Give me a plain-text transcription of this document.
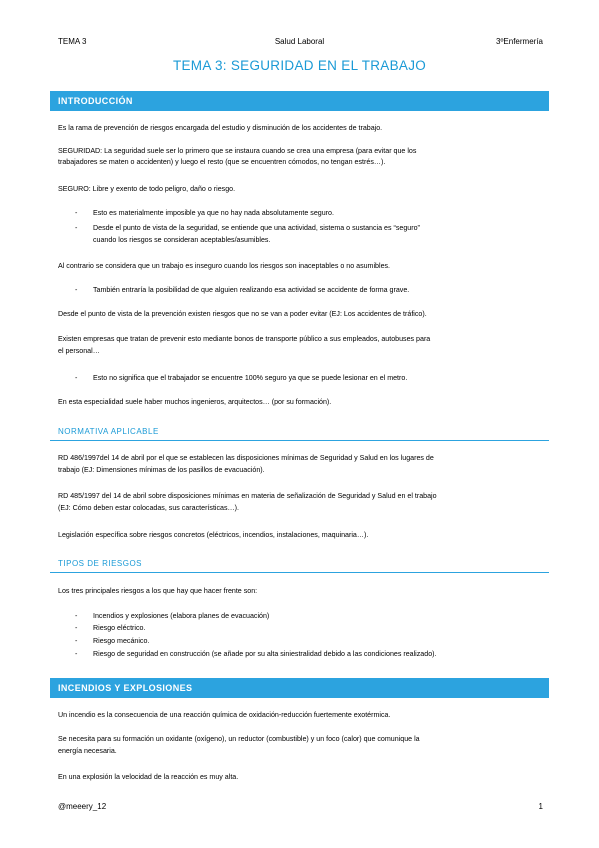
TEMA 3	Salud Laboral	3ºEnfermería
TEMA 3: SEGURIDAD EN EL TRABAJO
INTRODUCCIÓN
Es la rama de prevención de riesgos encargada del estudio y disminución de los accidentes de trabajo.
SEGURIDAD: La seguridad suele ser lo primero que se instaura cuando se crea una empresa (para evitar que los
trabajadores se maten o accidenten) y luego el resto (que se encuentren cómodos, no tengan estrés…).
SEGURO: Libre y exento de todo peligro, daño o riesgo.
- Esto es materialmente imposible ya que no hay nada absolutamente seguro.
- Desde el punto de vista de la seguridad, se entiende que una actividad, sistema o sustancia es “seguro”
cuando los riesgos se consideran aceptables/asumibles.
Al contrario se considera que un trabajo es inseguro cuando los riesgos son inaceptables o no asumibles.
- También entraría la posibilidad de que alguien realizando esa actividad se accidente de forma grave.
Desde el punto de vista de la prevención existen riesgos que no se van a poder evitar (EJ: Los accidentes de tráfico).
Existen empresas que tratan de prevenir esto mediante bonos de transporte público a sus empleados, autobuses para
el personal…
- Esto no significa que el trabajador se encuentre 100% seguro ya que se puede lesionar en el metro.
En esta especialidad suele haber muchos ingenieros, arquitectos… (por su formación).
NORMATIVA APLICABLE
RD 486/1997del 14 de abril por el que se establecen las disposiciones mínimas de Seguridad y Salud en los lugares de
trabajo (EJ: Dimensiones mínimas de los pasillos de evacuación).
RD 485/1997 del 14 de abril sobre disposiciones mínimas en materia de señalización de Seguridad y Salud en el trabajo
(EJ: Cómo deben estar colocadas, sus características…).
Legislación específica sobre riesgos concretos (eléctricos, incendios, instalaciones, maquinaria…).
TIPOS DE RIESGOS
Los tres principales riesgos a los que hay que hacer frente son:
- Incendios y explosiones (elabora planes de evacuación)
- Riesgo eléctrico.
- Riesgo mecánico.
- Riesgo de seguridad en construcción (se añade por su alta siniestralidad debido a las condiciones realizado).
INCENDIOS Y EXPLOSIONES
Un incendio es la consecuencia de una reacción química de oxidación-reducción fuertemente exotérmica.
Se necesita para su formación un oxidante (oxígeno), un reductor (combustible) y un foco (calor) que comunique la
energía necesaria.
En una explosión la velocidad de la reacción es muy alta.
@meeery_12	1
